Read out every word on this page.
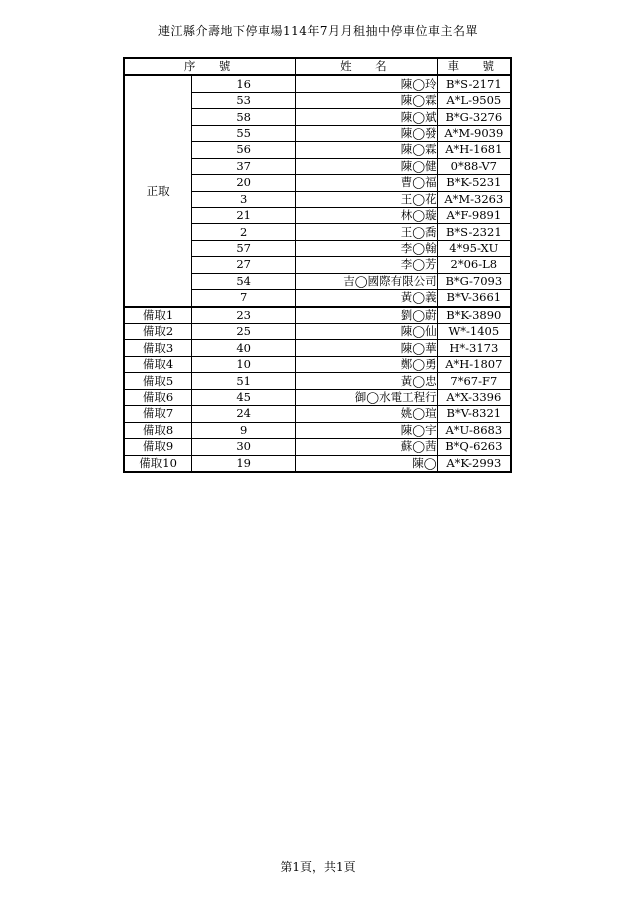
連江縣介壽地下停車場114年7月月租抽中停車位車主名單
序　號		姓　名	車　號
正取	16	陳◯玲	B*S-2171
	53	陳◯霖	A*L-9505
	58	陳◯斌	B*G-3276
	55	陳◯發	A*M-9039
	56	陳◯霖	A*H-1681
	37	陳◯健	0*88-V7
	20	曹◯福	B*K-5231
	3	王◯花	A*M-3263
	21	林◯璇	A*F-9891
	2	王◯喬	B*S-2321
	57	李◯翰	4*95-XU
	27	李◯芳	2*06-L8
	54	吉◯國際有限公司	B*G-7093
	7	黃◯義	B*V-3661
備取1	23	劉◯蔚	B*K-3890
備取2	25	陳◯仙	W*-1405
備取3	40	陳◯華	H*-3173
備取4	10	鄭◯勇	A*H-1807
備取5	51	黃◯忠	7*67-F7
備取6	45	御◯水電工程行	A*X-3396
備取7	24	姚◯瑄	B*V-8321
備取8	9	陳◯宇	A*U-8683
備取9	30	蘇◯茜	B*Q-6263
備取10	19	陳◯	A*K-2993
第1頁，共1頁
